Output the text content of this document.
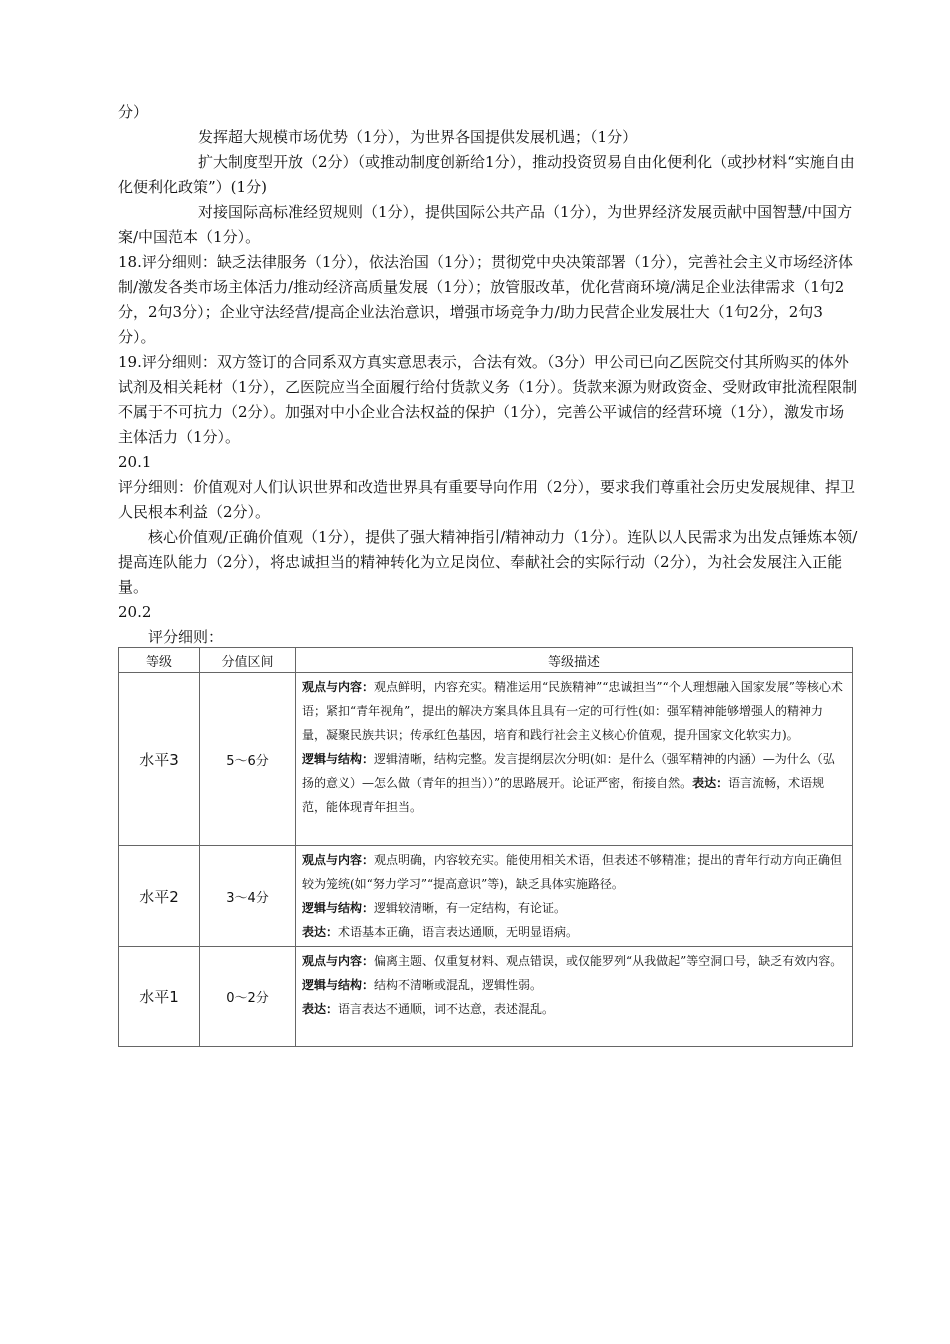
分）

发挥超大规模市场优势（1分），为世界各国提供发展机遇；（1分）

扩大制度型开放（2分）（或推动制度创新给1分），推动投资贸易自由化便利化（或抄材料“实施自由化便利化政策”）(1分)

对接国际高标准经贸规则（1分），提供国际公共产品（1分），为世界经济发展贡献中国智慧/中国方案/中国范本（1分）。

18.评分细则：缺乏法律服务（1分），依法治国（1分）；贯彻党中央决策部署（1分），完善社会主义市场经济体制/激发各类市场主体活力/推动经济高质量发展（1分）；放管服改革，优化营商环境/满足企业法律需求（1句2分，2句3分）；企业守法经营/提高企业法治意识，增强市场竞争力/助力民营企业发展壮大（1句2分，2句3分）。

19.评分细则：双方签订的合同系双方真实意思表示，合法有效。（3分）甲公司已向乙医院交付其所购买的体外试剂及相关耗材（1分），乙医院应当全面履行给付货款义务（1分）。货款来源为财政资金、受财政审批流程限制不属于不可抗力（2分）。加强对中小企业合法权益的保护（1分），完善公平诚信的经营环境（1分），激发市场主体活力（1分）。

20.1

评分细则：价值观对人们认识世界和改造世界具有重要导向作用（2分），要求我们尊重社会历史发展规律、捍卫人民根本利益（2分）。

核心价值观/正确价值观（1分），提供了强大精神指引/精神动力（1分）。连队以人民需求为出发点锤炼本领/提高连队能力（2分），将忠诚担当的精神转化为立足岗位、奉献社会的实际行动（2分），为社会发展注入正能量。

20.2

评分细则：

等级	分值区间	等级描述
水平3	5～6分	观点与内容：观点鲜明，内容充实。精准运用“民族精神”“忠诚担当”“个人理想融入国家发展”等核心术语；紧扣“青年视角”，提出的解决方案具体且具有一定的可行性(如：强军精神能够增强人的精神力量，凝聚民族共识；传承红色基因，培育和践行社会主义核心价值观，提升国家文化软实力)。

逻辑与结构：逻辑清晰，结构完整。发言提纲层次分明(如：是什么（强军精神的内涵）—为什么（弘扬的意义）—怎么做（青年的担当））”的思路展开。论证严密，衔接自然。表达：语言流畅，术语规范，能体现青年担当。

水平2	3～4分	观点与内容：观点明确，内容较充实。能使用相关术语，但表述不够精准；提出的青年行动方向正确但较为笼统(如“努力学习”“提高意识”等)，缺乏具体实施路径。

逻辑与结构：逻辑较清晰，有一定结构，有论证。

表达：术语基本正确，语言表达通顺，无明显语病。

水平1	0～2分	观点与内容：偏离主题、仅重复材料、观点错误，或仅能罗列“从我做起”等空洞口号，缺乏有效内容。

逻辑与结构：结构不清晰或混乱，逻辑性弱。

表达：语言表达不通顺，词不达意，表述混乱。
